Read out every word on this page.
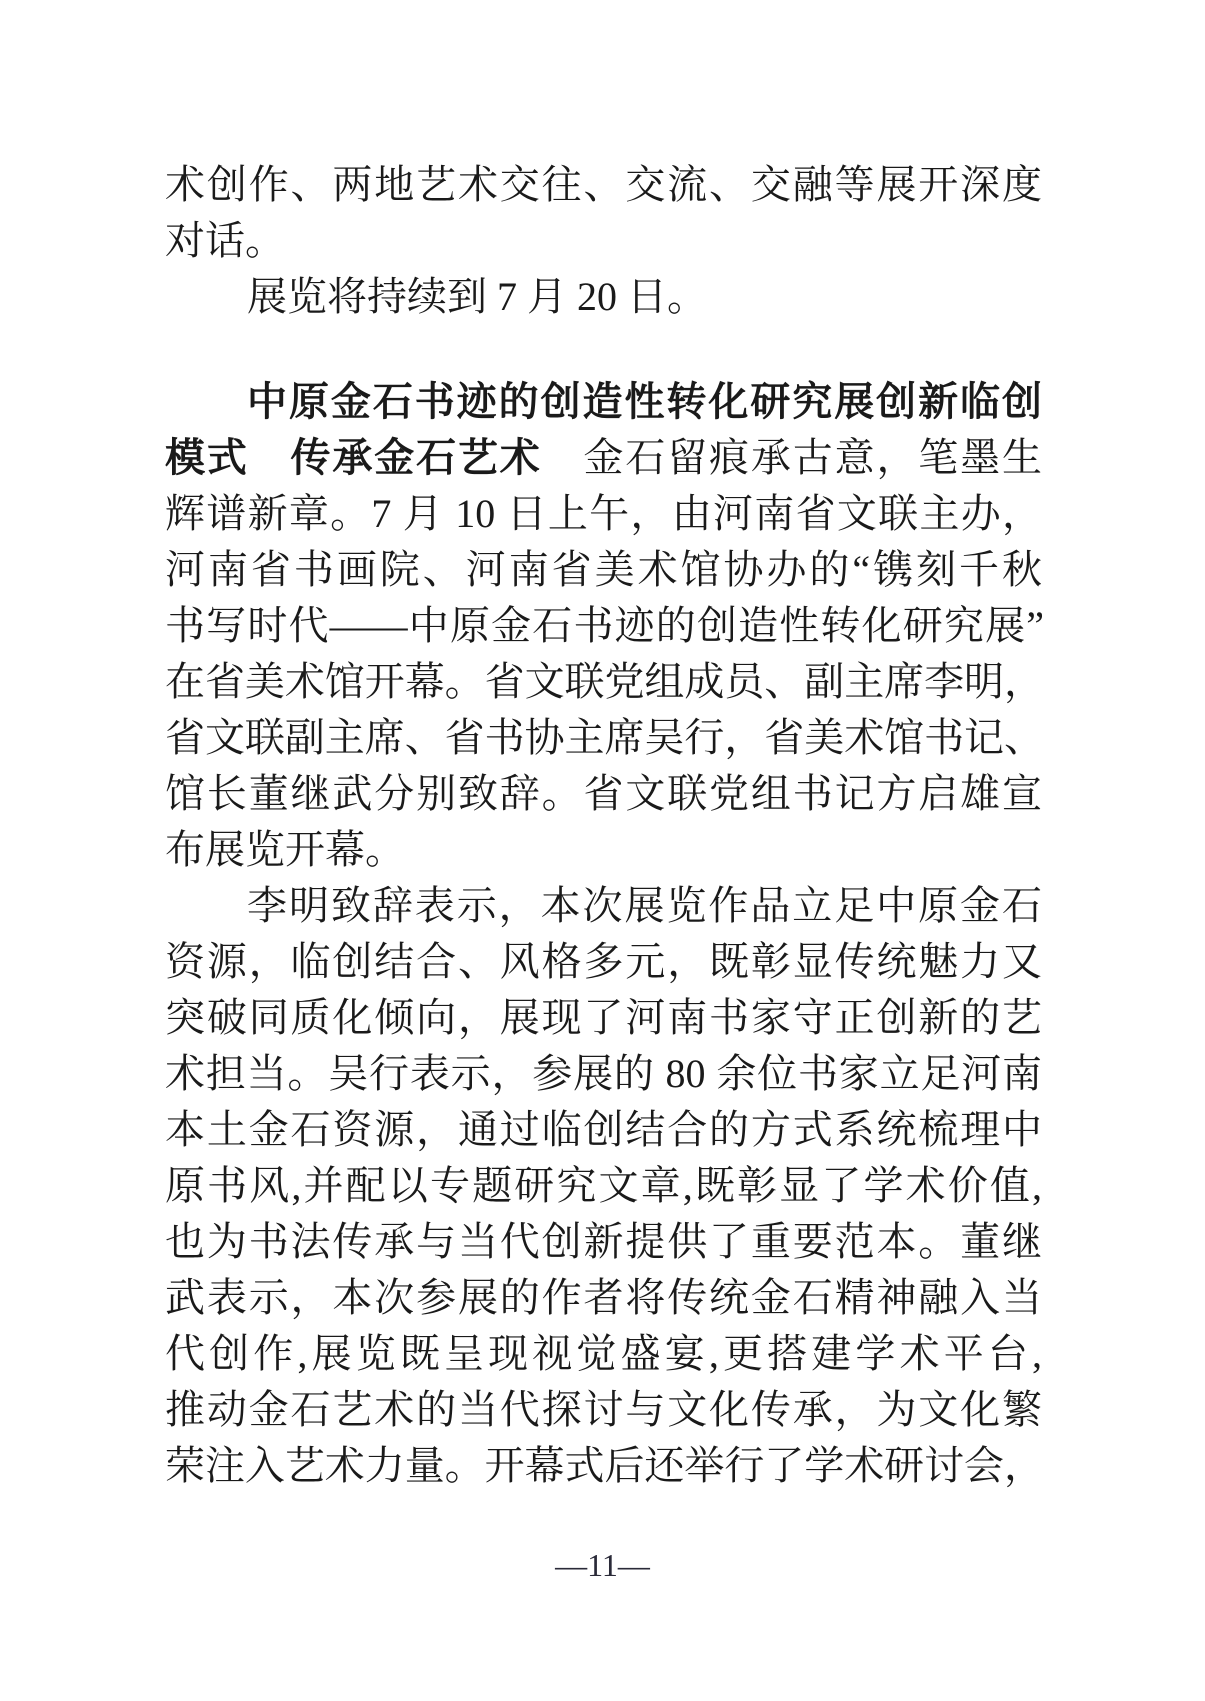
术创作、两地艺术交往、交流、交融等展开深度
对话。
展览将持续到 7 月 20 日。
中原金石书迹的创造性转化研究展创新临创
模式　传承金石艺术　金石留痕承古意，笔墨生
辉谱新章。7 月 10 日上午，由河南省文联主办，
河南省书画院、河南省美术馆协办的“镌刻千秋
书写时代——中原金石书迹的创造性转化研究展”
在省美术馆开幕。省文联党组成员、副主席李明，
省文联副主席、省书协主席吴行，省美术馆书记、
馆长董继武分别致辞。省文联党组书记方启雄宣
布展览开幕。
李明致辞表示，本次展览作品立足中原金石
资源，临创结合、风格多元，既彰显传统魅力又
突破同质化倾向，展现了河南书家守正创新的艺
术担当。吴行表示，参展的 80 余位书家立足河南
本土金石资源，通过临创结合的方式系统梳理中
原书风,并配以专题研究文章,既彰显了学术价值,
也为书法传承与当代创新提供了重要范本。董继
武表示，本次参展的作者将传统金石精神融入当
代创作,展览既呈现视觉盛宴,更搭建学术平台,
推动金石艺术的当代探讨与文化传承，为文化繁
荣注入艺术力量。开幕式后还举行了学术研讨会，
—11—
